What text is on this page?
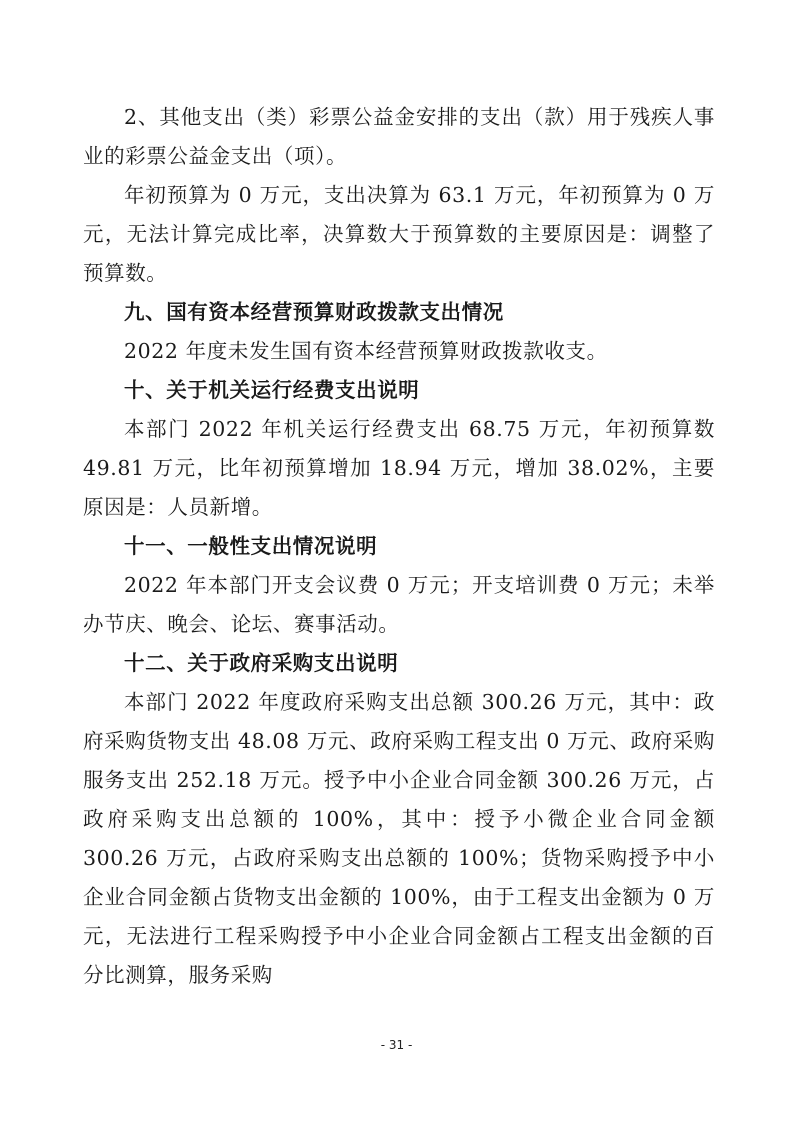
2、其他支出（类）彩票公益金安排的支出（款）用于残疾人事业的彩票公益金支出（项）。

年初预算为 0 万元，支出决算为 63.1 万元，年初预算为 0 万元，无法计算完成比率，决算数大于预算数的主要原因是：调整了预算数。

九、国有资本经营预算财政拨款支出情况

2022 年度未发生国有资本经营预算财政拨款收支。

十、关于机关运行经费支出说明

本部门 2022 年机关运行经费支出 68.75 万元，年初预算数 49.81 万元，比年初预算增加 18.94 万元，增加 38.02%，主要原因是：人员新增。

十一、一般性支出情况说明

2022 年本部门开支会议费 0 万元；开支培训费 0 万元；未举办节庆、晚会、论坛、赛事活动。

十二、关于政府采购支出说明

本部门 2022 年度政府采购支出总额 300.26 万元，其中：政府采购货物支出 48.08 万元、政府采购工程支出 0 万元、政府采购服务支出 252.18 万元。授予中小企业合同金额 300.26 万元，占政府采购支出总额的 100%，其中：授予小微企业合同金额 300.26 万元，占政府采购支出总额的 100%；货物采购授予中小企业合同金额占货物支出金额的 100%，由于工程支出金额为 0 万元，无法进行工程采购授予中小企业合同金额占工程支出金额的百分比测算，服务采购

- 31 -
